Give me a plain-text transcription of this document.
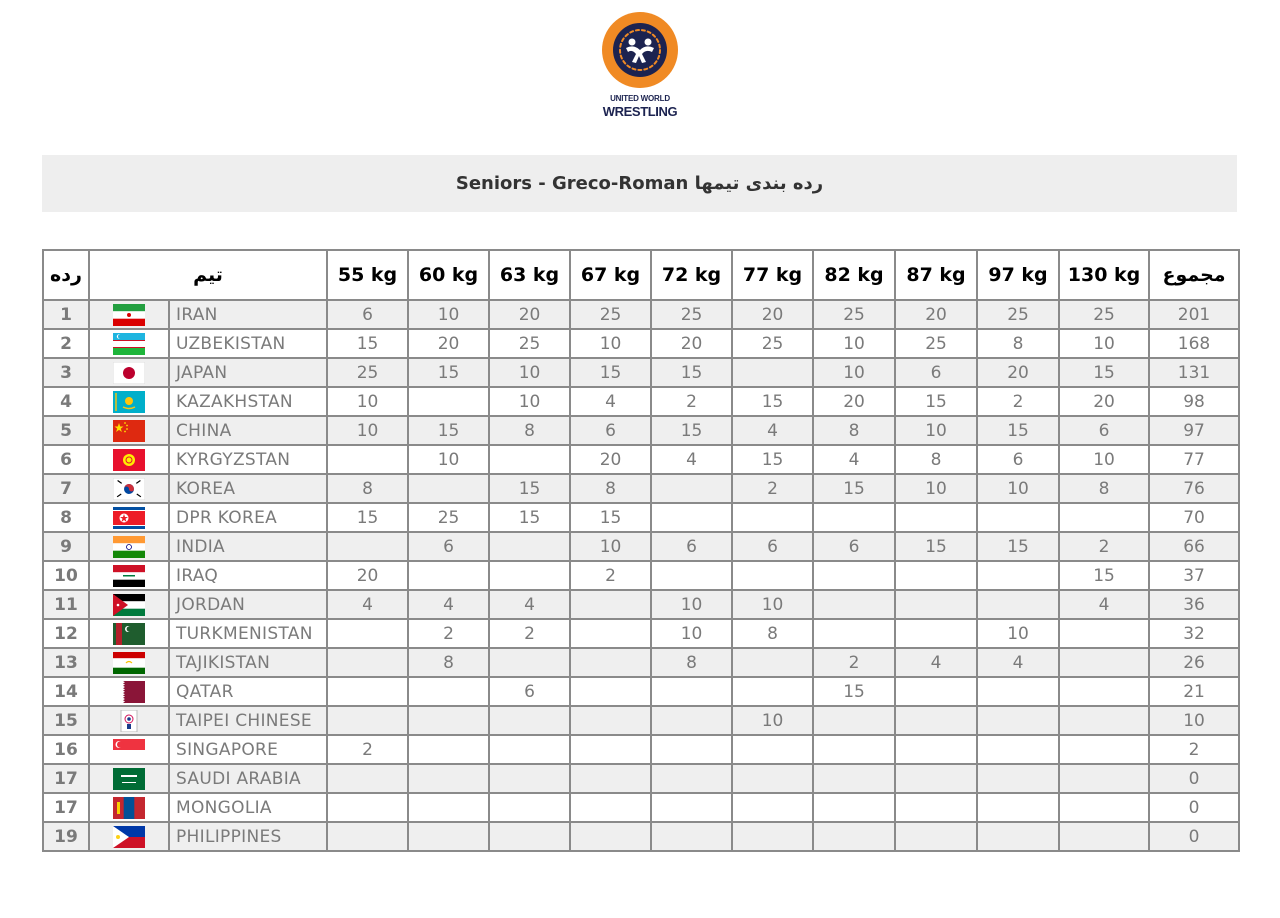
UNITED WORLD
WRESTLING
Seniors - Greco-Roman رده بندی تیمها
رده	تیم		55 kg	60 kg	63 kg	67 kg	72 kg	77 kg	82 kg	87 kg	97 kg	130 kg	مجموع
1		IRAN	6	10	20	25	25	20	25	20	25	25	201
2		UZBEKISTAN	15	20	25	10	20	25	10	25	8	10	168
3		JAPAN	25	15	10	15	15		10	6	20	15	131
4		KAZAKHSTAN	10		10	4	2	15	20	15	2	20	98
5		CHINA	10	15	8	6	15	4	8	10	15	6	97
6		KYRGYZSTAN		10		20	4	15	4	8	6	10	77
7		KOREA	8		15	8		2	15	10	10	8	76
8		DPR KOREA	15	25	15	15							70
9		INDIA		6		10	6	6	6	15	15	2	66
10		IRAQ	20			2						15	37
11		JORDAN	4	4	4		10	10				4	36
12		TURKMENISTAN		2	2		10	8			10		32
13		TAJIKISTAN		8			8		2	4	4		26
14		QATAR			6				15				21
15		TAIPEI CHINESE						10					10
16		SINGAPORE	2										2
17		SAUDI ARABIA											0
17		MONGOLIA											0
19		PHILIPPINES											0
